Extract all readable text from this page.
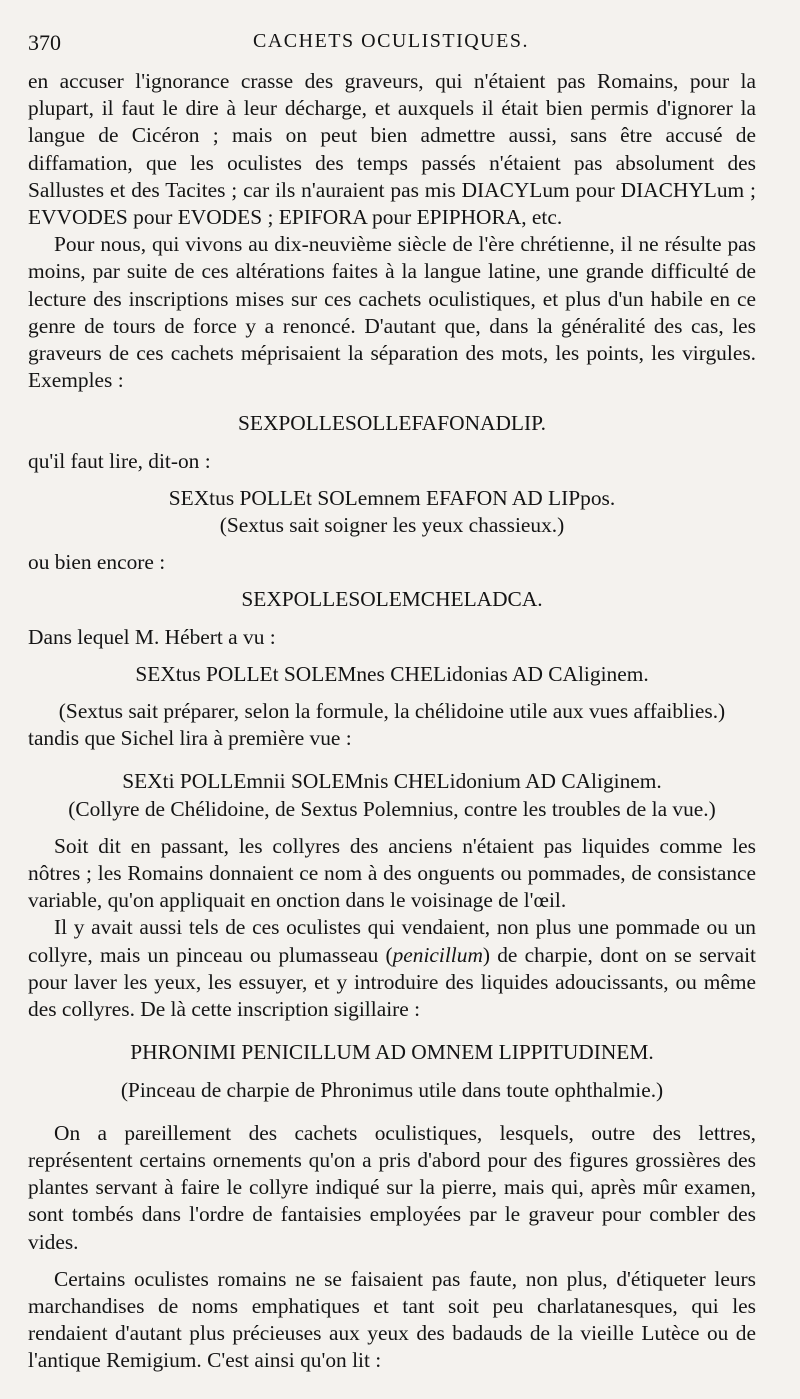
370	CACHETS OCULISTIQUES.

en accuser l'ignorance crasse des graveurs, qui n'étaient pas Romains, pour la plupart, il faut le dire à leur décharge, et auxquels il était bien permis d'ignorer la langue de Cicéron ; mais on peut bien admettre aussi, sans être accusé de diffamation, que les oculistes des temps passés n'étaient pas absolument des Sallustes et des Tacites ; car ils n'auraient pas mis DIACYLum pour DIACHYLum ; EVVODES pour EVODES ; EPIFORA pour EPIPHORA, etc.

Pour nous, qui vivons au dix-neuvième siècle de l'ère chrétienne, il ne résulte pas moins, par suite de ces altérations faites à la langue latine, une grande difficulté de lecture des inscriptions mises sur ces cachets oculistiques, et plus d'un habile en ce genre de tours de force y a renoncé. D'autant que, dans la généralité des cas, les graveurs de ces cachets méprisaient la séparation des mots, les points, les virgules. Exemples :

SEXPOLLESOLLEFAFONADLIP.

qu'il faut lire, dit-on :

SEXtus POLLEt SOLemnem EFAFON AD LIPpos.

(Sextus sait soigner les yeux chassieux.)

ou bien encore :

SEXPOLLESOLEMCHELADCA.

Dans lequel M. Hébert a vu :

SEXtus POLLEt SOLEMnes CHELidonias AD CAliginem.

(Sextus sait préparer, selon la formule, la chélidoine utile aux vues affaiblies.)

tandis que Sichel lira à première vue :

SEXti POLLEmnii SOLEMnis CHELidonium AD CAliginem.

(Collyre de Chélidoine, de Sextus Polemnius, contre les troubles de la vue.)

Soit dit en passant, les collyres des anciens n'étaient pas liquides comme les nôtres ; les Romains donnaient ce nom à des onguents ou pommades, de consistance variable, qu'on appliquait en onction dans le voisinage de l'œil.

Il y avait aussi tels de ces oculistes qui vendaient, non plus une pommade ou un collyre, mais un pinceau ou plumasseau (penicillum) de charpie, dont on se servait pour laver les yeux, les essuyer, et y introduire des liquides adoucissants, ou même des collyres. De là cette inscription sigillaire :

PHRONIMI PENICILLUM AD OMNEM LIPPITUDINEM.

(Pinceau de charpie de Phronimus utile dans toute ophthalmie.)

On a pareillement des cachets oculistiques, lesquels, outre des lettres, représentent certains ornements qu'on a pris d'abord pour des figures grossières des plantes servant à faire le collyre indiqué sur la pierre, mais qui, après mûr examen, sont tombés dans l'ordre de fantaisies employées par le graveur pour combler des vides.

Certains oculistes romains ne se faisaient pas faute, non plus, d'étiqueter leurs marchandises de noms emphatiques et tant soit peu charlatanesques, qui les rendaient d'autant plus précieuses aux yeux des badauds de la vieille Lutèce ou de l'antique Remigium. C'est ainsi qu'on lit :
